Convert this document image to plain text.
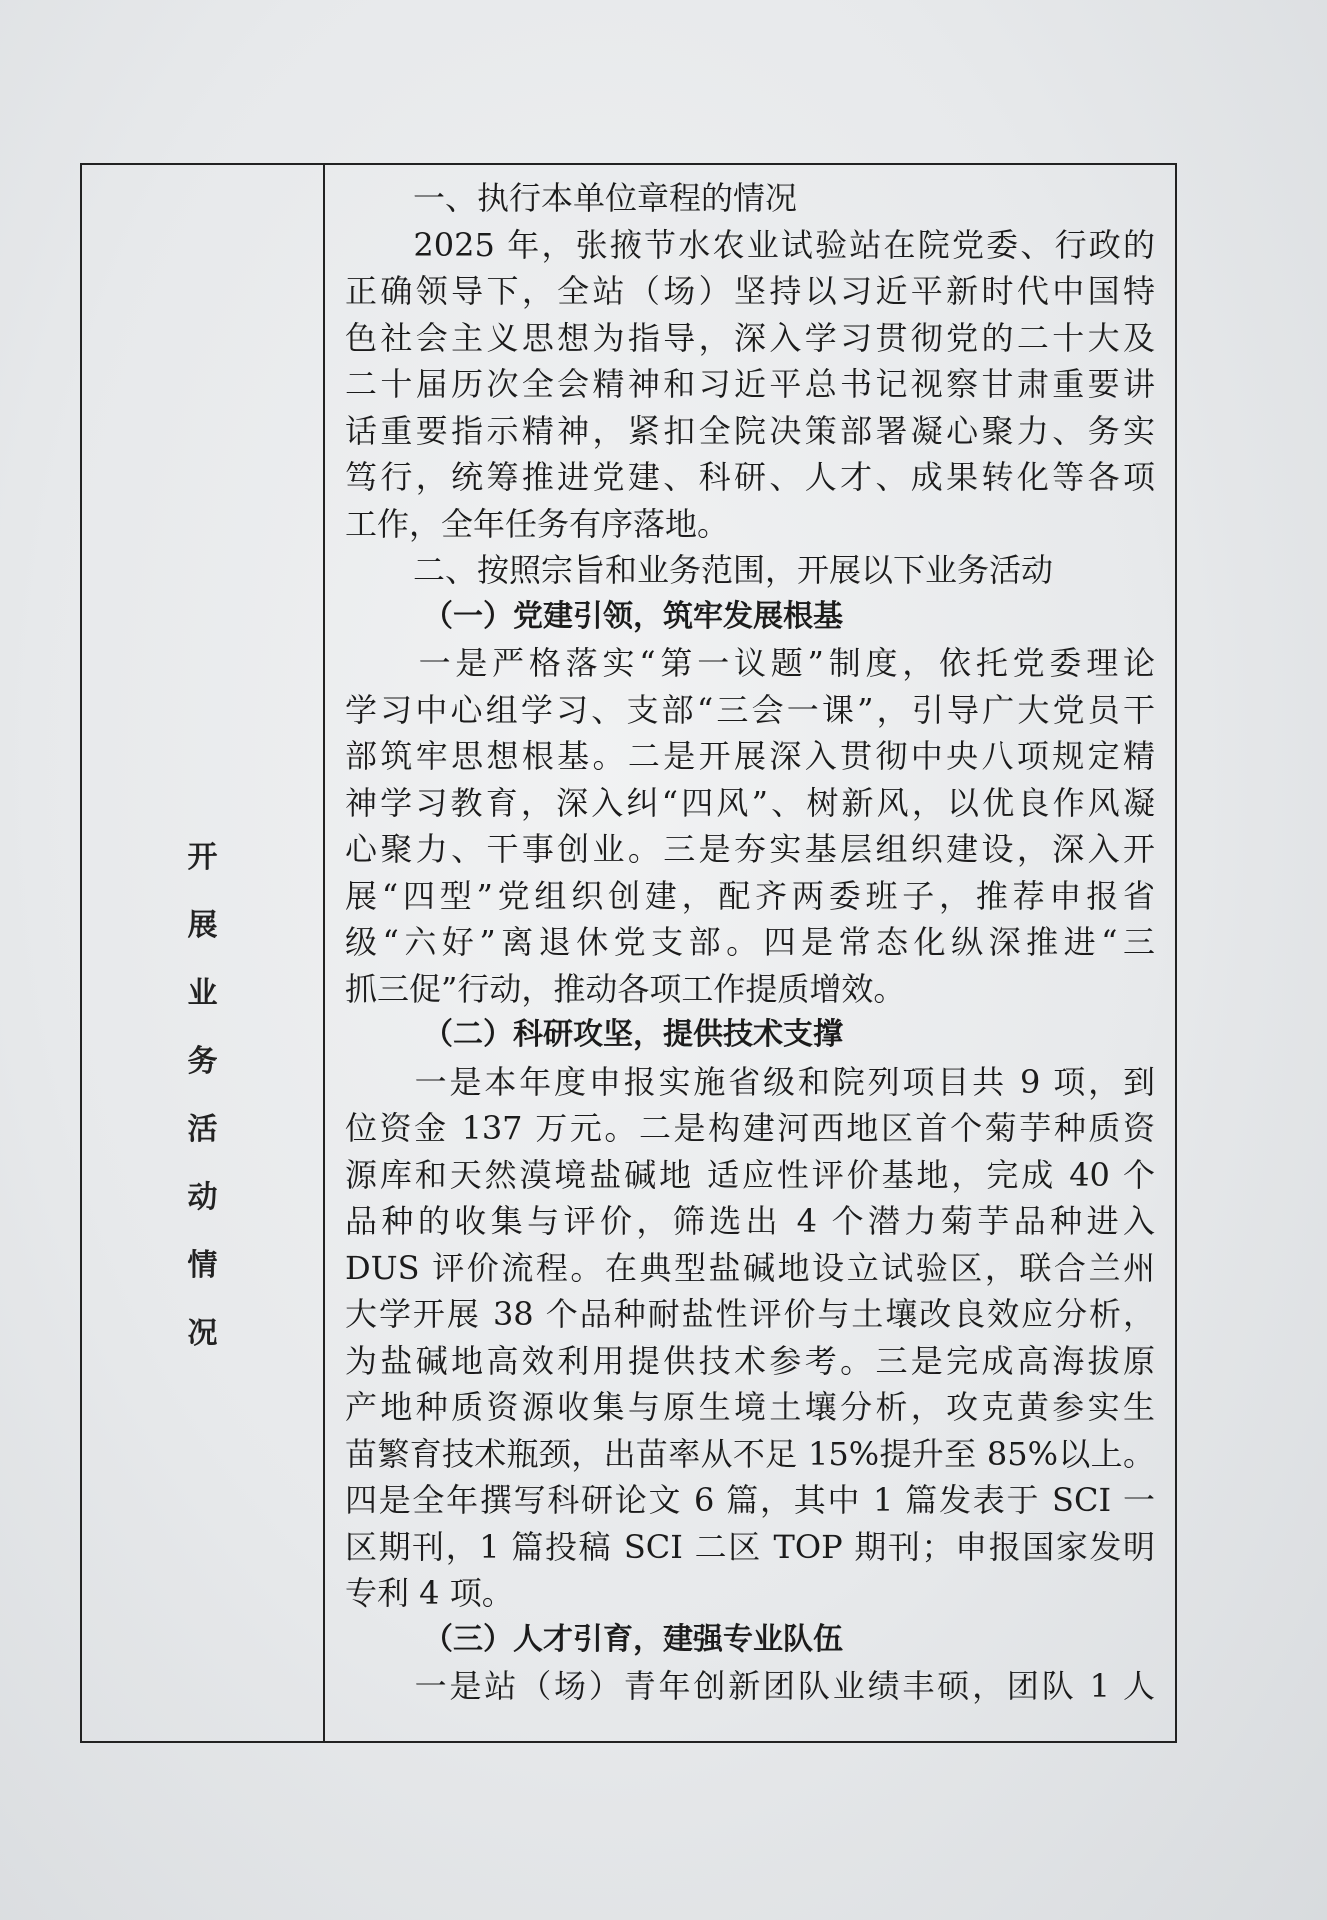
开
展
业
务
活
动
情
况
一、执行本单位章程的情况
　　2025 年，张掖节水农业试验站在院党委、行政的
正确领导下，全站（场）坚持以习近平新时代中国特
色社会主义思想为指导，深入学习贯彻党的二十大及
二十届历次全会精神和习近平总书记视察甘肃重要讲
话重要指示精神，紧扣全院决策部署凝心聚力、务实
笃行，统筹推进党建、科研、人才、成果转化等各项
工作，全年任务有序落地。
二、按照宗旨和业务范围，开展以下业务活动
（一）党建引领，筑牢发展根基
　　一是严格落实“第一议题”制度，依托党委理论
学习中心组学习、支部“三会一课”，引导广大党员干
部筑牢思想根基。二是开展深入贯彻中央八项规定精
神学习教育，深入纠“四风”、树新风，以优良作风凝
心聚力、干事创业。三是夯实基层组织建设，深入开
展“四型”党组织创建，配齐两委班子，推荐申报省
级“六好”离退休党支部。四是常态化纵深推进“三
抓三促”行动，推动各项工作提质增效。
（二）科研攻坚，提供技术支撑
　　一是本年度申报实施省级和院列项目共 9 项，到
位资金 137 万元。二是构建河西地区首个菊芋种质资
源库和天然漠境盐碱地 适应性评价基地，完成 40 个
品种的收集与评价，筛选出 4 个潜力菊芋品种进入
DUS 评价流程。在典型盐碱地设立试验区，联合兰州
大学开展 38 个品种耐盐性评价与土壤改良效应分析，
为盐碱地高效利用提供技术参考。三是完成高海拔原
产地种质资源收集与原生境土壤分析，攻克黄参实生
苗繁育技术瓶颈，出苗率从不足 15%提升至 85%以上。
四是全年撰写科研论文 6 篇，其中 1 篇发表于 SCI 一
区期刊，1 篇投稿 SCI 二区 TOP 期刊；申报国家发明
专利 4 项。
（三）人才引育，建强专业队伍
　　一是站（场）青年创新团队业绩丰硕，团队 1 人
